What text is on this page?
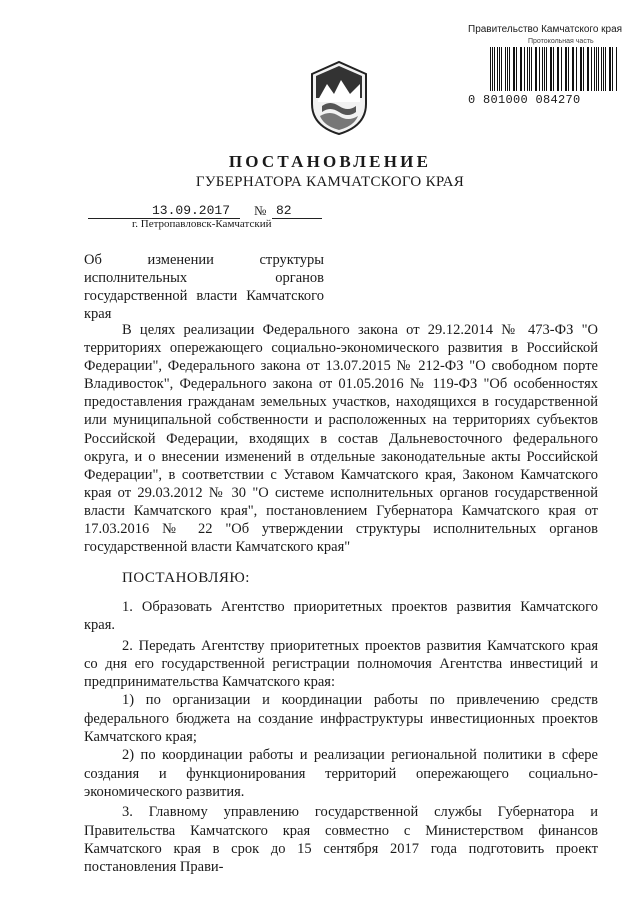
Правительство Камчатского края
Протокольная часть
0 801000 084270
ПОСТАНОВЛЕНИЕ
ГУБЕРНАТОРА КАМЧАТСКОГО КРАЯ
13.09.2017	№ 82
г. Петропавловск-Камчатский
Об изменении структуры исполнительных органов государственной власти Камчатского края

В целях реализации Федерального закона от 29.12.2014 № 473-ФЗ "О территориях опережающего социально-экономического развития в Российской Федерации", Федерального закона от 13.07.2015 № 212-ФЗ "О свободном порте Владивосток", Федерального закона от 01.05.2016 № 119-ФЗ "Об особенностях предоставления гражданам земельных участков, находящихся в государственной или муниципальной собственности и расположенных на территориях субъектов Российской Федерации, входящих в состав Дальневосточного федерального округа, и о внесении изменений в отдельные законодательные акты Российской Федерации", в соответствии с Уставом Камчатского края, Законом Камчатского края от 29.03.2012 № 30 "О системе исполнительных органов государственной власти Камчатского края", постановлением Губернатора Камчатского края от 17.03.2016 № 22 "Об утверждении структуры исполнительных органов государственной власти Камчатского края"

ПОСТАНОВЛЯЮ:

1. Образовать Агентство приоритетных проектов развития Камчатского края.

2. Передать Агентству приоритетных проектов развития Камчатского края со дня его государственной регистрации полномочия Агентства инвестиций и предпринимательства Камчатского края:

1) по организации и координации работы по привлечению средств федерального бюджета на создание инфраструктуры инвестиционных проектов Камчатского края;

2) по координации работы и реализации региональной политики в сфере создания и функционирования территорий опережающего социально-экономического развития.

3. Главному управлению государственной службы Губернатора и Правительства Камчатского края совместно с Министерством финансов Камчатского края в срок до 15 сентября 2017 года подготовить проект постановления Прави-
